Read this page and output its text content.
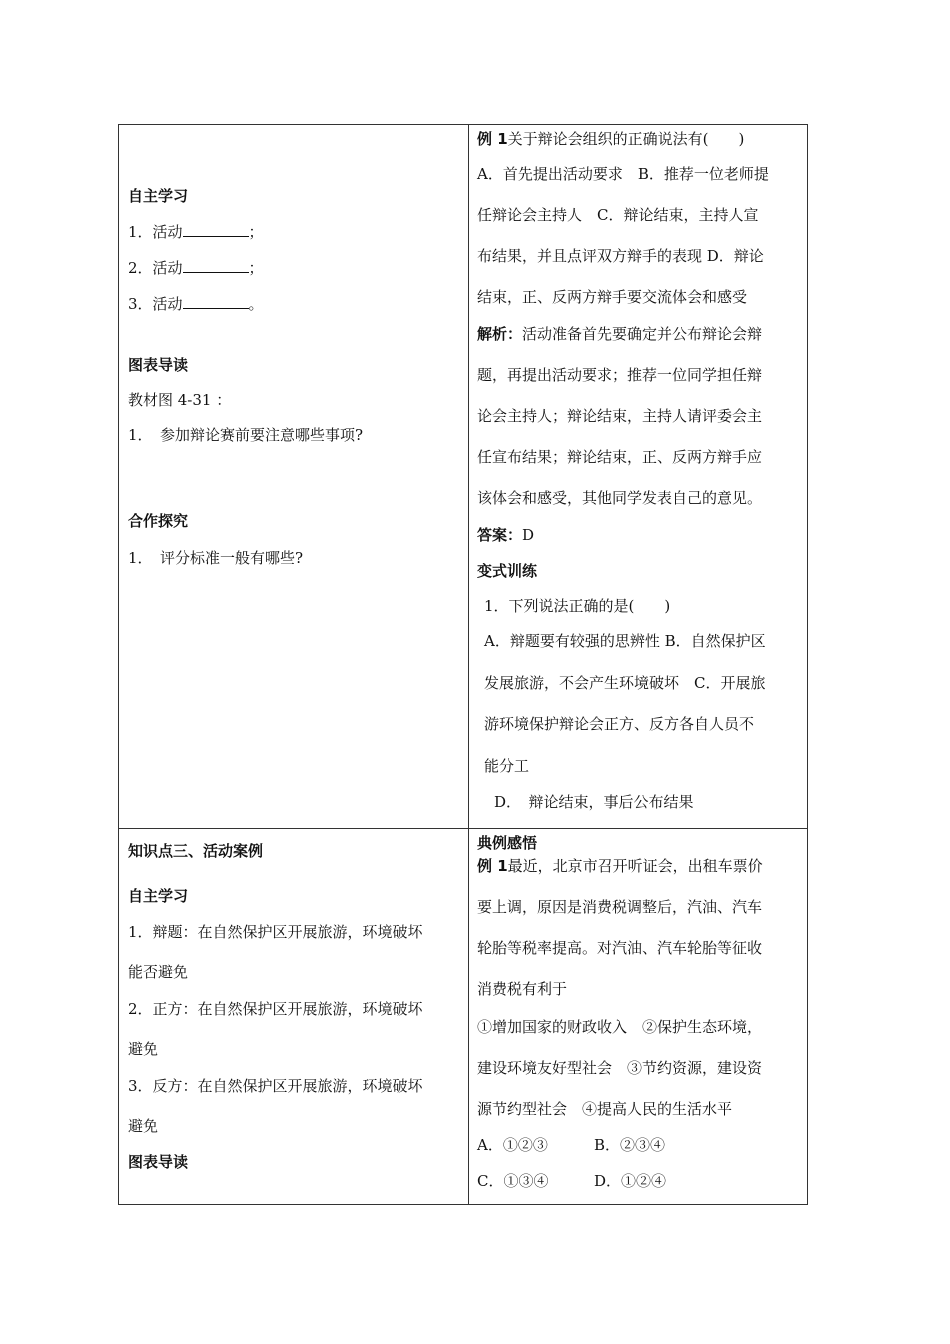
自主学习
1．活动	；
2．活动	；
3．活动	。
图表导读
教材图 4-31 ：
1．　参加辩论赛前要注意哪些事项?
合作探究
1．　评分标准一般有哪些?
例 1关于辩论会组织的正确说法有(　　)
A．首先提出活动要求　B．推荐一位老师提
任辩论会主持人　C．辩论结束，主持人宣
布结果，并且点评双方辩手的表现 D．辩论
结束，正、反两方辩手要交流体会和感受
解析：活动准备首先要确定并公布辩论会辩
题，再提出活动要求；推荐一位同学担任辩
论会主持人；辩论结束，主持人请评委会主
任宣布结果；辩论结束，正、反两方辩手应
该体会和感受，其他同学发表自己的意见。
答案：D
变式训练
1．下列说法正确的是(　　)
A．辩题要有较强的思辨性 B．自然保护区
发展旅游，不会产生环境破坏　C．开展旅
游环境保护辩论会正方、反方各自人员不
能分工
D．　辩论结束，事后公布结果
知识点三、活动案例
自主学习
1．辩题：在自然保护区开展旅游，环境破坏
能否避免
2．正方：在自然保护区开展旅游，环境破坏
避免
3．反方：在自然保护区开展旅游，环境破坏
避免
图表导读
典例感悟
例 1最近，北京市召开听证会，出租车票价
要上调，原因是消费税调整后，汽油、汽车
轮胎等税率提高。对汽油、汽车轮胎等征收
消费税有利于
①增加国家的财政收入　②保护生态环境，
建设环境友好型社会　③节约资源，建设资
源节约型社会　④提高人民的生活水平
A．①②③	B．②③④
C．①③④	D．①②④
